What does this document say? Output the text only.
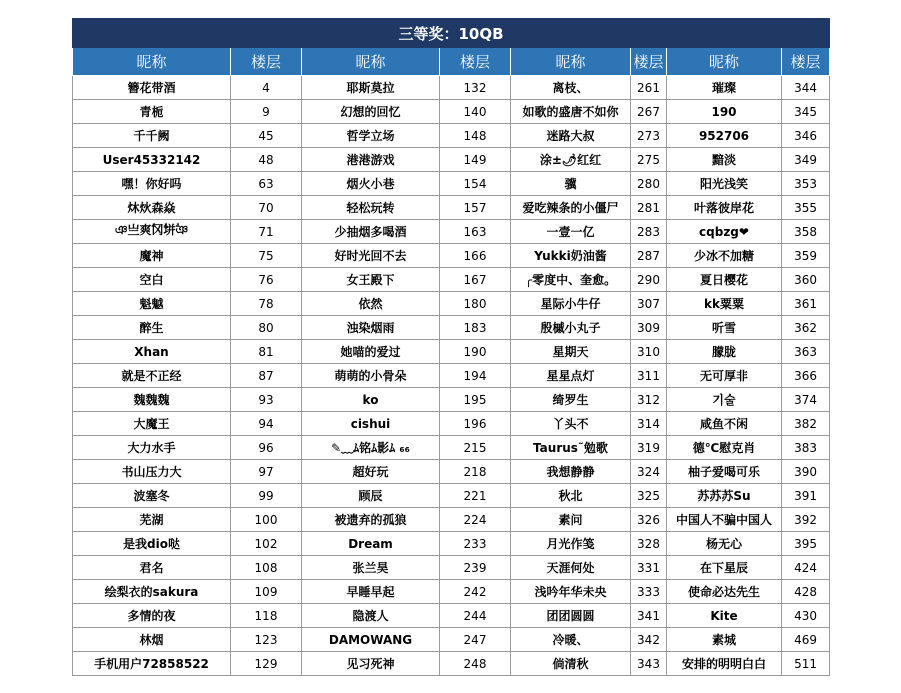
三等奖：10QB							
昵称	楼层	昵称	楼层	昵称	楼层	昵称	楼层
簪花带酒	4	耶斯莫拉	132	离枝、	261	璀璨	344
青栀	9	幻想的回忆	140	如歌的盛唐不如你	267	190	345
千千阙	45	哲学立场	148	迷路大叔	273	952706	346
User45332142	48	港港游戏	149	涂±🌶红红	275	黯淡	349
嘿！你好吗	63	烟火小巷	154	骥	280	阳光浅笑	353
炑炏森焱	70	轻松玩转	157	爱吃辣条的小僵尸	281	叶落彼岸花	355
ঞ亗爽ؖ冈ؖ垪ؖঞ	71	少抽烟多喝酒	163	一壹一亿	283	cqbzg❤	358
魔神	75	好时光回不去	166	Yukki奶油酱	287	少冰不加糖	359
空白	76	女王殿下	167	╭零度中、奎愈。	290	夏日樱花	360
魁魆	78	依然	180	星际小牛仔	307	kk粟粟	361
醉生	80	浊染烟雨	183	殷槭小丸子	309	听雪	362
Xhan	81	她喵的爱过	190	星期天	310	朦胧	363
就是不正经	87	萌萌的小骨朵	194	星星点灯	311	无可厚非	366
魏魏魏	93	ko	195	绮罗生	312	기술	374
大魔王	94	cishui	196	丫头不	314	咸鱼不闲	382
大力水手	96	✎﹏ﾑ铭ﾑ影ﾑ ₆₆	215	Taurus˜勉歌	319	德℃慰克肖	383
书山压力大	97	超好玩	218	我想静静	324	柚子爱喝可乐	390
波塞冬	99	顾辰	221	秋北	325	苏苏苏Su	391
芜湖	100	被遗弃的孤狼	224	素问	326	中国人不骗中国人	392
是我dio哒	102	Dream	233	月光作笺	328	杨无心	395
君名	108	张兰昊	239	天涯何处	331	在下星辰	424
绘梨衣的sakura	109	早睡早起	242	浅吟年华未央	333	使命必达先生	428
多情的夜	118	隐渡人	244	团团圆圆	341	Kite	430
林烟	123	DAMOWANG	247	冷暖、	342	素城	469
手机用户72858522	129	见习死神	248	倘清秋	343	安排的明明白白	511
